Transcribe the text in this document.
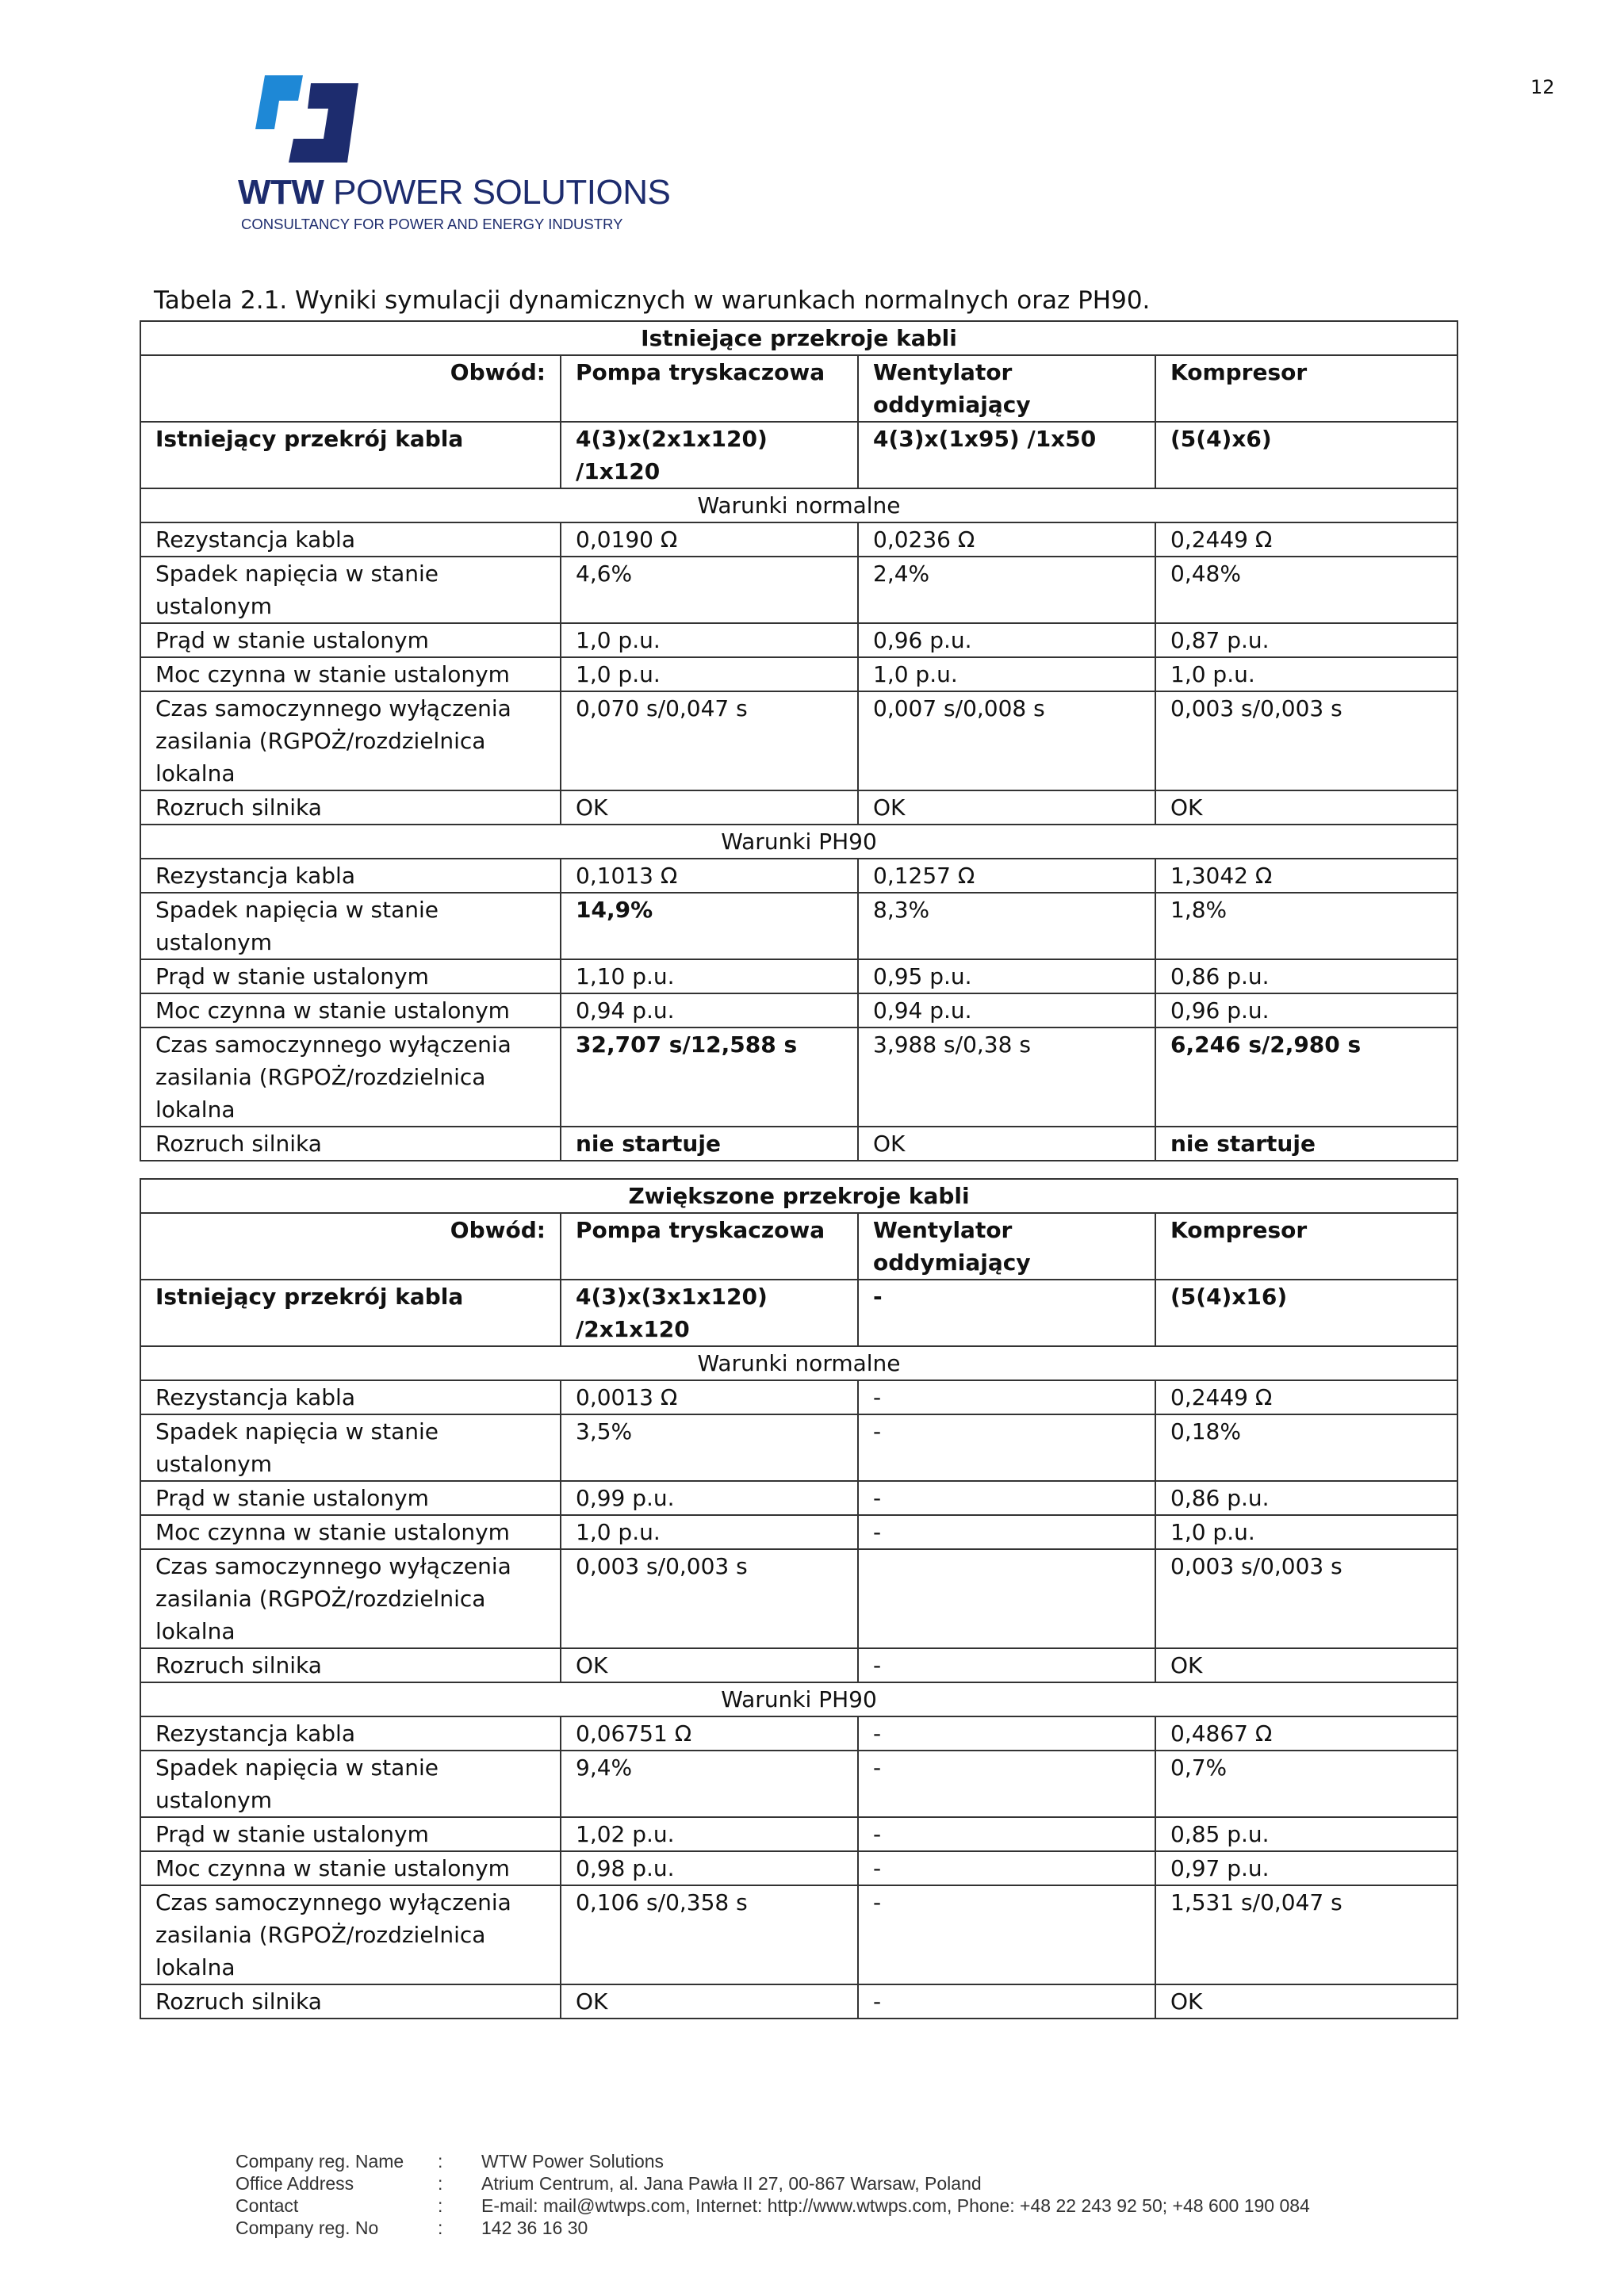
12
WTW POWER SOLUTIONS
CONSULTANCY FOR POWER AND ENERGY INDUSTRY
Tabela 2.1. Wyniki symulacji dynamicznych w warunkach normalnych oraz PH90.
Istniejące przekroje kabli			
Obwód:	Pompa tryskaczowa	Wentylator oddymiający	Kompresor
Istniejący przekrój kabla	4(3)x(2x1x120) /1x120	4(3)x(1x95) /1x50	(5(4)x6)
Warunki normalne			
Rezystancja kabla	0,0190 Ω	0,0236 Ω	0,2449 Ω
Spadek napięcia w stanie ustalonym	4,6%	2,4%	0,48%
Prąd w stanie ustalonym	1,0 p.u.	0,96 p.u.	0,87 p.u.
Moc czynna w stanie ustalonym	1,0 p.u.	1,0 p.u.	1,0 p.u.
Czas samoczynnego wyłączenia zasilania (RGPOŻ/rozdzielnica lokalna	0,070 s/0,047 s	0,007 s/0,008 s	0,003 s/0,003 s
Rozruch silnika	OK	OK	OK
Warunki PH90			
Rezystancja kabla	0,1013 Ω	0,1257 Ω	1,3042 Ω
Spadek napięcia w stanie ustalonym	14,9%	8,3%	1,8%
Prąd w stanie ustalonym	1,10 p.u.	0,95 p.u.	0,86 p.u.
Moc czynna w stanie ustalonym	0,94 p.u.	0,94 p.u.	0,96 p.u.
Czas samoczynnego wyłączenia zasilania (RGPOŻ/rozdzielnica lokalna	32,707 s/12,588 s	3,988 s/0,38 s	6,246 s/2,980 s
Rozruch silnika	nie startuje	OK	nie startuje
Zwiększone przekroje kabli			
Obwód:	Pompa tryskaczowa	Wentylator oddymiający	Kompresor
Istniejący przekrój kabla	4(3)x(3x1x120) /2x1x120	-	(5(4)x16)
Warunki normalne			
Rezystancja kabla	0,0013 Ω	-	0,2449 Ω
Spadek napięcia w stanie ustalonym	3,5%	-	0,18%
Prąd w stanie ustalonym	0,99 p.u.	-	0,86 p.u.
Moc czynna w stanie ustalonym	1,0 p.u.	-	1,0 p.u.
Czas samoczynnego wyłączenia zasilania (RGPOŻ/rozdzielnica lokalna	0,003 s/0,003 s		0,003 s/0,003 s
Rozruch silnika	OK	-	OK
Warunki PH90			
Rezystancja kabla	0,06751 Ω	-	0,4867 Ω
Spadek napięcia w stanie ustalonym	9,4%	-	0,7%
Prąd w stanie ustalonym	1,02 p.u.	-	0,85 p.u.
Moc czynna w stanie ustalonym	0,98 p.u.	-	0,97 p.u.
Czas samoczynnego wyłączenia zasilania (RGPOŻ/rozdzielnica lokalna	0,106 s/0,358 s	-	1,531 s/0,047 s
Rozruch silnika	OK	-	OK
Company reg. Name	:	WTW Power Solutions
Office Address	:	Atrium Centrum, al. Jana Pawła II 27, 00-867 Warsaw, Poland
Contact	:	E-mail: mail@wtwps.com, Internet: http://www.wtwps.com, Phone: +48 22 243 92 50; +48 600 190 084
Company reg. No	:	142 36 16 30
